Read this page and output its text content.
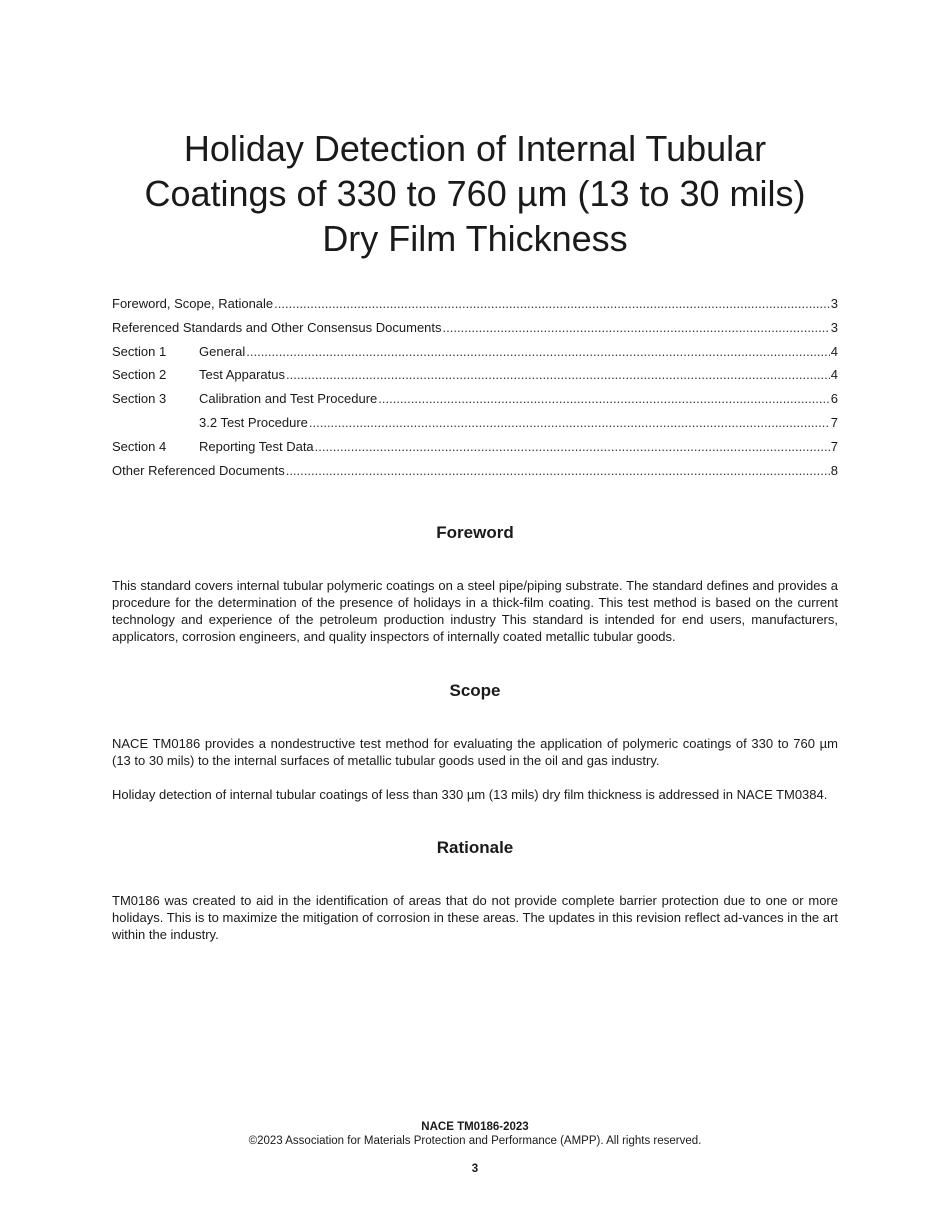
Holiday Detection of Internal Tubular
Coatings of 330 to 760 µm (13 to 30 mils)
Dry Film Thickness
Foreword, Scope, Rationale .....	3
Referenced Standards and Other Consensus Documents .....	3
Section 1	General .....	4
Section 2	Test Apparatus .....	4
Section 3	Calibration and Test Procedure .....	6
3.2 Test Procedure .....	7
Section 4	Reporting Test Data .....	7
Other Referenced Documents .....	8
Foreword

This standard covers internal tubular polymeric coatings on a steel pipe/piping substrate. The standard defines and provides a procedure for the determination of the presence of holidays in a thick-film coating. This test method is based on the current technology and experience of the petroleum production industry This standard is intended for end users, manufacturers, applicators, corrosion engineers, and quality inspectors of internally coated metallic tubular goods.

Scope

NACE TM0186 provides a nondestructive test method for evaluating the application of polymeric coatings of 330 to 760 µm (13 to 30 mils) to the internal surfaces of metallic tubular goods used in the oil and gas industry.

Holiday detection of internal tubular coatings of less than 330 µm (13 mils) dry film thickness is addressed in NACE TM0384.

Rationale

TM0186 was created to aid in the identification of areas that do not provide complete barrier protection due to one or more holidays. This is to maximize the mitigation of corrosion in these areas. The updates in this revision reflect ad-vances in the art within the industry.

NACE TM0186-2023
©2023 Association for Materials Protection and Performance (AMPP). All rights reserved.
3
